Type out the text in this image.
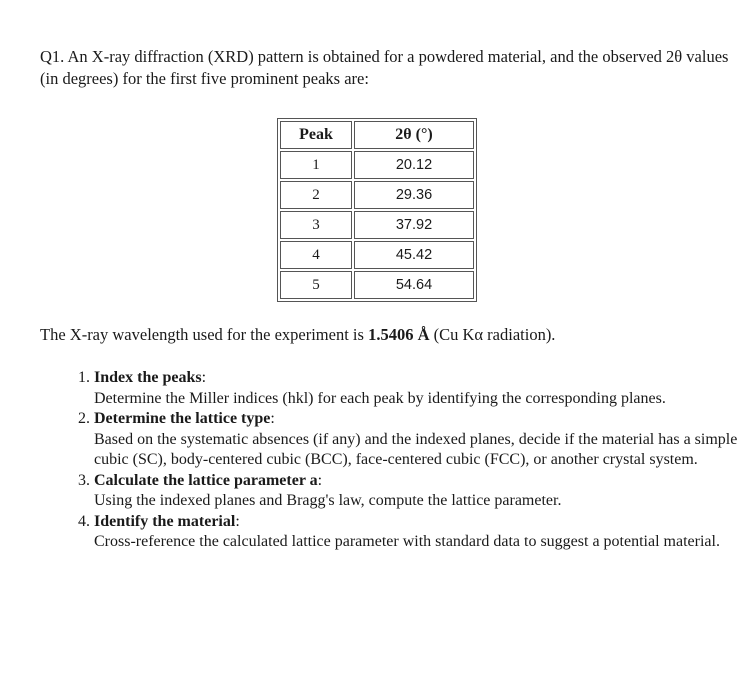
Q1. An X-ray diffraction (XRD) pattern is obtained for a powdered material, and the observed 2θ values (in degrees) for the first five prominent peaks are:

Peak	2θ (°)
1	20.12
2	29.36
3	37.92
4	45.42
5	54.64

The X-ray wavelength used for the experiment is 1.5406 Å (Cu Kα radiation).

1. Index the peaks:
Determine the Miller indices (hkl) for each peak by identifying the corresponding planes.
2. Determine the lattice type:
Based on the systematic absences (if any) and the indexed planes, decide if the material has a simple cubic (SC), body-centered cubic (BCC), face-centered cubic (FCC), or another crystal system.
3. Calculate the lattice parameter a:
Using the indexed planes and Bragg's law, compute the lattice parameter.
4. Identify the material:
Cross-reference the calculated lattice parameter with standard data to suggest a potential material.
